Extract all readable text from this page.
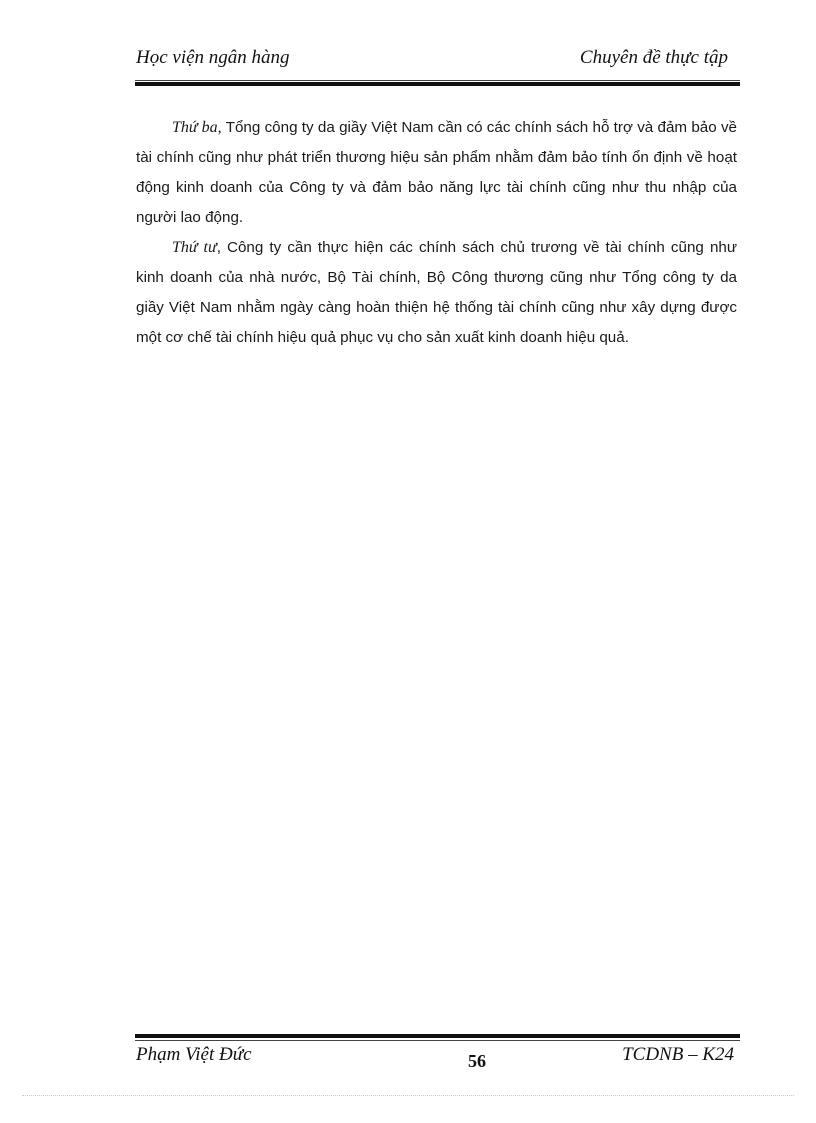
Học viện ngân hàng	Chuyên đề thực tập

Thứ ba, Tổng công ty da giầy Việt Nam cần có các chính sách hỗ trợ và đảm bảo về tài chính cũng như phát triển thương hiệu sản phẩm nhằm đảm bảo tính ổn định về hoạt động kinh doanh của Công ty và đảm bảo năng lực tài chính cũng như thu nhập của người lao động.

Thứ tư, Công ty cần thực hiện các chính sách chủ trương về tài chính cũng như kinh doanh của nhà nước, Bộ Tài chính, Bộ Công thương cũng như Tổng công ty da giầy Việt Nam nhằm ngày càng hoàn thiện hệ thống tài chính cũng như xây dựng được một cơ chế tài chính hiệu quả phục vụ cho sản xuất kinh doanh hiệu quả.

Phạm Việt Đức	56	TCDNB – K24
